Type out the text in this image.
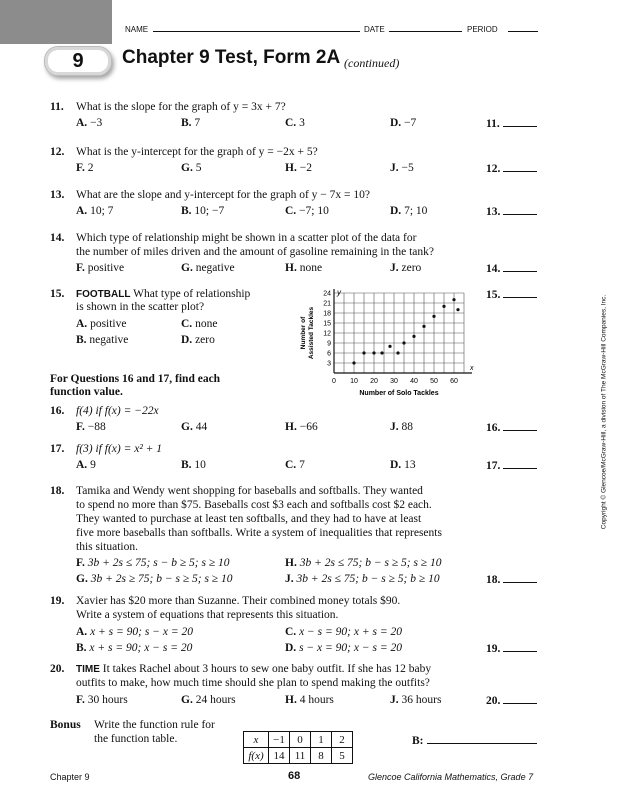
NAME	DATE	PERIOD
9	Chapter 9 Test, Form 2A (continued)
11. What is the slope for the graph of y = 3x + 7?
A. −3	B. 7	C. 3	D. −7	11.
12. What is the y-intercept for the graph of y = −2x + 5?
F. 2	G. 5	H. −2	J. −5	12.
13. What are the slope and y-intercept for the graph of y − 7x = 10?
A. 10; 7	B. 10; −7	C. −7; 10	D. 7; 10	13.
14. Which type of relationship might be shown in a scatter plot of the data for
the number of miles driven and the amount of gasoline remaining in the tank?
F. positive	G. negative	H. none	J. zero	14.
15. FOOTBALL What type of relationship
is shown in the scatter plot?
A. positive	C. none
B. negative	D. zero
15.
0 10 20 30 40 50 60
3
6
9
12
15
18
21
24
x
y
Number of Solo Tackles
Number of Assisted Tackles
For Questions 16 and 17, find each
function value.
16. f(4) if f(x) = −22x
F. −88	G. 44	H. −66	J. 88	16.
17. f(3) if f(x) = x² + 1
A. 9	B. 10	C. 7	D. 13	17.
18. Tamika and Wendy went shopping for baseballs and softballs. They wanted
to spend no more than $75. Baseballs cost $3 each and softballs cost $2 each.
They wanted to purchase at least ten softballs, and they had to have at least
five more baseballs than softballs. Write a system of inequalities that represents
this situation.
F. 3b + 2s ≤ 75; s − b ≥ 5; s ≥ 10	H. 3b + 2s ≤ 75; b − s ≥ 5; s ≥ 10
G. 3b + 2s ≥ 75; b − s ≥ 5; s ≥ 10	J. 3b + 2s ≤ 75; b − s ≥ 5; b ≥ 10	18.
19. Xavier has $20 more than Suzanne. Their combined money totals $90.
Write a system of equations that represents this situation.
A. x + s = 90; s − x = 20	C. x − s = 90; x + s = 20
B. x + s = 90; x − s = 20	D. s − x = 90; x − s = 20	19.
20. TIME It takes Rachel about 3 hours to sew one baby outfit. If she has 12 baby
outfits to make, how much time should she plan to spend making the outfits?
F. 30 hours	G. 24 hours	H. 4 hours	J. 36 hours	20.
Bonus Write the function rule for
the function table.	x	−1	0	1	2
f(x)	14	11	8	5
B:
Copyright © Glencoe/McGraw-Hill, a division of The McGraw-Hill Companies, Inc.
Chapter 9	68	Glencoe California Mathematics, Grade 7
